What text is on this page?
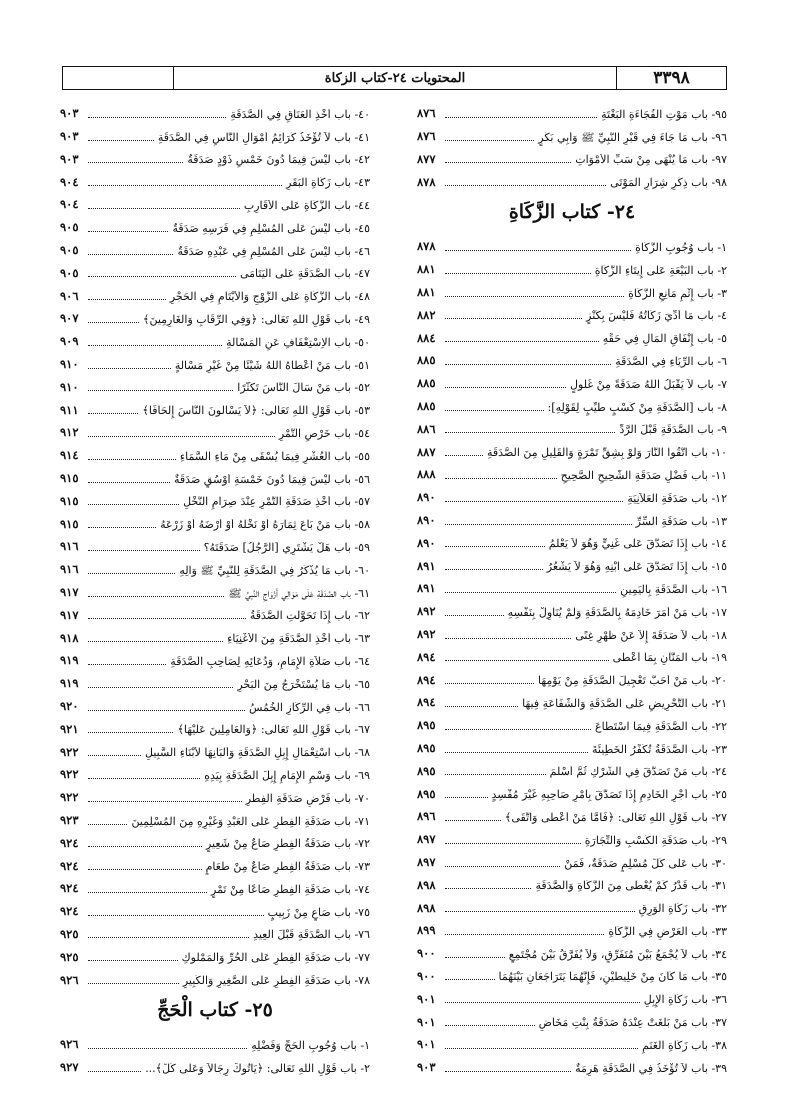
٣٣٩٨
المحتويات ٢٤-كتاب الزكاة
٩٥- باب مَوْتِ الْفُجَاءَةِ الْبَغْتَةِ
٨٧٦
٩٦- باب مَا جَاءَ فِي قَبْرِ النَّبِيِّ ﷺ وَأَبِي بَكْرٍ
٨٧٦
٩٧- باب مَا يُنْهَى مِنْ سَبِّ الأَمْوَاتِ
٨٧٧
٩٨- باب ذِكْرِ شِرَارِ الْمَوْتَى
٨٧٨
٢٤- كتاب الزَّكَاةِ
١- باب وُجُوبِ الزَّكَاةِ
٨٧٨
٢- باب الْبَيْعَةِ عَلَى إِيتَاءِ الزَّكَاةِ
٨٨١
٣- باب إِثْمِ مَانِعِ الزَّكَاةِ
٨٨١
٤- باب مَا أُدِّيَ زَكَاتُهُ فَلَيْسَ بِكَنْزٍ
٨٨٢
٥- باب إِنْفَاقِ الْمَالِ فِي حَقِّهِ
٨٨٤
٦- باب الرِّيَاءِ فِي الصَّدَقَةِ
٨٨٥
٧- باب لاَ يَقْبَلُ اللَّهُ صَدَقَةً مِنْ غُلُولٍ
٨٨٥
٨- باب [الصَّدَقَةِ مِنْ كَسْبٍ طَيِّبٍ لِقَوْلِهِ]:
٨٨٥
٩- باب الصَّدَقَةِ قَبْلَ الرَّدِّ
٨٨٦
١٠- باب اتَّقُوا النَّارَ وَلَوْ بِشِقِّ تَمْرَةٍ وَالْقَلِيلِ مِنَ الصَّدَقَةِ
٨٨٧
١١- باب فَضْلِ صَدَقَةِ الشَّحِيحِ الصَّحِيحِ
٨٨٨
١٢- باب صَدَقَةِ الْعَلاَنِيَةِ
٨٩٠
١٣- باب صَدَقَةِ السِّرِّ
٨٩٠
١٤- باب إِذَا تَصَدَّقَ عَلَى غَنِيٍّ وَهُوَ لاَ يَعْلَمُ
٨٩٠
١٥- باب إِذَا تَصَدَّقَ عَلَى ابْنِهِ وَهُوَ لاَ يَشْعُرُ
٨٩١
١٦- باب الصَّدَقَةِ بِالْيَمِينِ
٨٩١
١٧- باب مَنْ أَمَرَ خَادِمَهُ بِالصَّدَقَةِ وَلَمْ يُنَاوِلْ بِنَفْسِهِ
٨٩٢
١٨- باب لاَ صَدَقَةَ إِلاَّ عَنْ ظَهْرِ غِنًى
٨٩٢
١٩- باب الْمَنَّانِ بِمَا أَعْطَى
٨٩٤
٢٠- باب مَنْ أَحَبَّ تَعْجِيلَ الصَّدَقَةِ مِنْ يَوْمِهَا
٨٩٤
٢١- باب التَّحْرِيضِ عَلَى الصَّدَقَةِ وَالشَّفَاعَةِ فِيهَا
٨٩٤
٢٢- باب الصَّدَقَةِ فِيمَا اسْتَطَاعَ
٨٩٥
٢٣- باب الصَّدَقَةُ تُكَفِّرُ الْخَطِيئَةَ
٨٩٥
٢٤- باب مَنْ تَصَدَّقَ فِي الشِّرْكِ ثُمَّ أَسْلَمَ
٨٩٥
٢٥- باب أَجْرِ الْخَادِمِ إِذَا تَصَدَّقَ بِأَمْرِ صَاحِبِهِ غَيْرَ مُفْسِدٍ
٨٩٥
٢٧- باب قَوْلِ اللَّهِ تَعَالَى: ﴿فَأَمَّا مَنْ أَعْطَى وَاتَّقَى﴾
٨٩٦
٢٩- باب صَدَقَةِ الْكَسْبِ وَالتِّجَارَةِ
٨٩٧
٣٠- باب عَلَى كُلِّ مُسْلِمٍ صَدَقَةٌ، فَمَنْ
٨٩٧
٣١- باب قَدْرُ كَمْ يُعْطَى مِنَ الزَّكَاةِ وَالصَّدَقَةِ
٨٩٨
٣٢- باب زَكَاةِ الْوَرِقِ
٨٩٨
٣٣- باب الْعَرْضِ فِي الزَّكَاةِ
٨٩٩
٣٤- باب لاَ يُجْمَعُ بَيْنَ مُتَفَرِّقٍ، وَلاَ يُفَرَّقُ بَيْنَ مُجْتَمِعٍ
٩٠٠
٣٥- باب مَا كَانَ مِنْ خَلِيطَيْنِ، فَإِنَّهُمَا يَتَرَاجَعَانِ بَيْنَهُمَا
٩٠٠
٣٦- باب زَكَاةِ الإِبِلِ
٩٠١
٣٧- باب مَنْ بَلَغَتْ عِنْدَهُ صَدَقَةُ بِنْتِ مَخَاضٍ
٩٠١
٣٨- باب زَكَاةِ الْغَنَمِ
٩٠١
٣٩- باب لاَ تُؤْخَذُ فِي الصَّدَقَةِ هَرِمَةٌ
٩٠٣
٤٠- باب أَخْذِ الْعَنَاقِ فِي الصَّدَقَةِ
٩٠٣
٤١- باب لاَ تُؤْخَذُ كَرَائِمُ أَمْوَالِ النَّاسِ فِي الصَّدَقَةِ
٩٠٣
٤٢- باب لَيْسَ فِيمَا دُونَ خَمْسِ ذَوْدٍ صَدَقَةٌ
٩٠٣
٤٣- باب زَكَاةِ الْبَقَرِ
٩٠٤
٤٤- باب الزَّكَاةِ عَلَى الأَقَارِبِ
٩٠٤
٤٥- باب لَيْسَ عَلَى الْمُسْلِمِ فِي فَرَسِهِ صَدَقَةٌ
٩٠٥
٤٦- باب لَيْسَ عَلَى الْمُسْلِمِ فِي عَبْدِهِ صَدَقَةٌ
٩٠٥
٤٧- باب الصَّدَقَةِ عَلَى الْيَتَامَى
٩٠٥
٤٨- باب الزَّكَاةِ عَلَى الزَّوْجِ وَالأَيْتَامِ فِي الْحَجْرِ
٩٠٦
٤٩- باب قَوْلِ اللَّهِ تَعَالَى: ﴿وَفِي الرِّقَابِ وَالْغَارِمِينَ﴾
٩٠٧
٥٠- باب الاِسْتِعْفَافِ عَنِ الْمَسْأَلَةِ
٩٠٩
٥١- باب مَنْ أَعْطَاهُ اللَّهُ شَيْئًا مِنْ غَيْرِ مَسْأَلَةٍ
٩١٠
٥٢- باب مَنْ سَأَلَ النَّاسَ تَكَثُّرًا
٩١٠
٥٣- باب قَوْلِ اللَّهِ تَعَالَى: ﴿لاَ يَسْأَلُونَ النَّاسَ إِلْحَافًا﴾
٩١١
٥٤- باب خَرْصِ التَّمْرِ
٩١٢
٥٥- باب الْعُشْرِ فِيمَا يُسْقَى مِنْ مَاءِ السَّمَاءِ
٩١٤
٥٦- باب لَيْسَ فِيمَا دُونَ خَمْسَةِ أَوْسُقٍ صَدَقَةٌ
٩١٥
٥٧- باب أَخْذِ صَدَقَةِ التَّمْرِ عِنْدَ صِرَامِ النَّخْلِ
٩١٥
٥٨- باب مَنْ بَاعَ ثِمَارَهُ أَوْ نَخْلَهُ أَوْ أَرْضَهُ أَوْ زَرْعَهُ
٩١٥
٥٩- باب هَلْ يَشْتَرِي [الرَّجُلُ] صَدَقَتَهُ؟
٩١٦
٦٠- باب مَا يُذْكَرُ فِي الصَّدَقَةِ لِلنَّبِيِّ ﷺ وَآلِهِ
٩١٦
٦١- باب الصَّدَقَةِ عَلَى مَوَالِي أَزْوَاجِ النَّبِيِّ ﷺ
٩١٧
٦٢- باب إِذَا تَحَوَّلَتِ الصَّدَقَةُ
٩١٧
٦٣- باب أَخْذِ الصَّدَقَةِ مِنَ الأَغْنِيَاءِ
٩١٨
٦٤- باب صَلاَةِ الإِمَامِ، وَدُعَائِهِ لِصَاحِبِ الصَّدَقَةِ
٩١٩
٦٥- باب مَا يُسْتَخْرَجُ مِنَ الْبَحْرِ
٩١٩
٦٦- باب فِي الرِّكَازِ الْخُمُسُ
٩٢٠
٦٧- باب قَوْلِ اللَّهِ تَعَالَى: ﴿وَالْعَامِلِينَ عَلَيْهَا﴾
٩٢١
٦٨- باب اسْتِعْمَالِ إِبِلِ الصَّدَقَةِ وَأَلْبَانِهَا لأَبْنَاءِ السَّبِيلِ
٩٢٢
٦٩- باب وَسْمِ الإِمَامِ إِبِلَ الصَّدَقَةِ بِيَدِهِ
٩٢٢
٧٠- باب فَرْضِ صَدَقَةِ الْفِطْرِ
٩٢٢
٧١- باب صَدَقَةِ الْفِطْرِ عَلَى الْعَبْدِ وَغَيْرِهِ مِنَ الْمُسْلِمِينَ
٩٢٣
٧٢- باب صَدَقَةُ الْفِطْرِ صَاعٌ مِنْ شَعِيرٍ
٩٢٤
٧٣- باب صَدَقَةُ الْفِطْرِ صَاعٌ مِنْ طَعَامٍ
٩٢٤
٧٤- باب صَدَقَةِ الْفِطْرِ صَاعًا مِنْ تَمْرٍ
٩٢٤
٧٥- باب صَاعٍ مِنْ زَبِيبٍ
٩٢٤
٧٦- باب الصَّدَقَةِ قَبْلَ الْعِيدِ
٩٢٥
٧٧- باب صَدَقَةِ الْفِطْرِ عَلَى الْحُرِّ وَالْمَمْلُوكِ
٩٢٥
٧٨- باب صَدَقَةِ الْفِطْرِ عَلَى الصَّغِيرِ وَالْكَبِيرِ
٩٢٦
٢٥- كتاب الْحَجِّ
١- باب وُجُوبِ الْحَجِّ وَفَضْلِهِ
٩٢٦
٢- باب قَوْلِ اللَّهِ تَعَالَى: ﴿يَأْتُوكَ رِجَالاً وَعَلَى كُلِّ﴾...
٩٢٧
